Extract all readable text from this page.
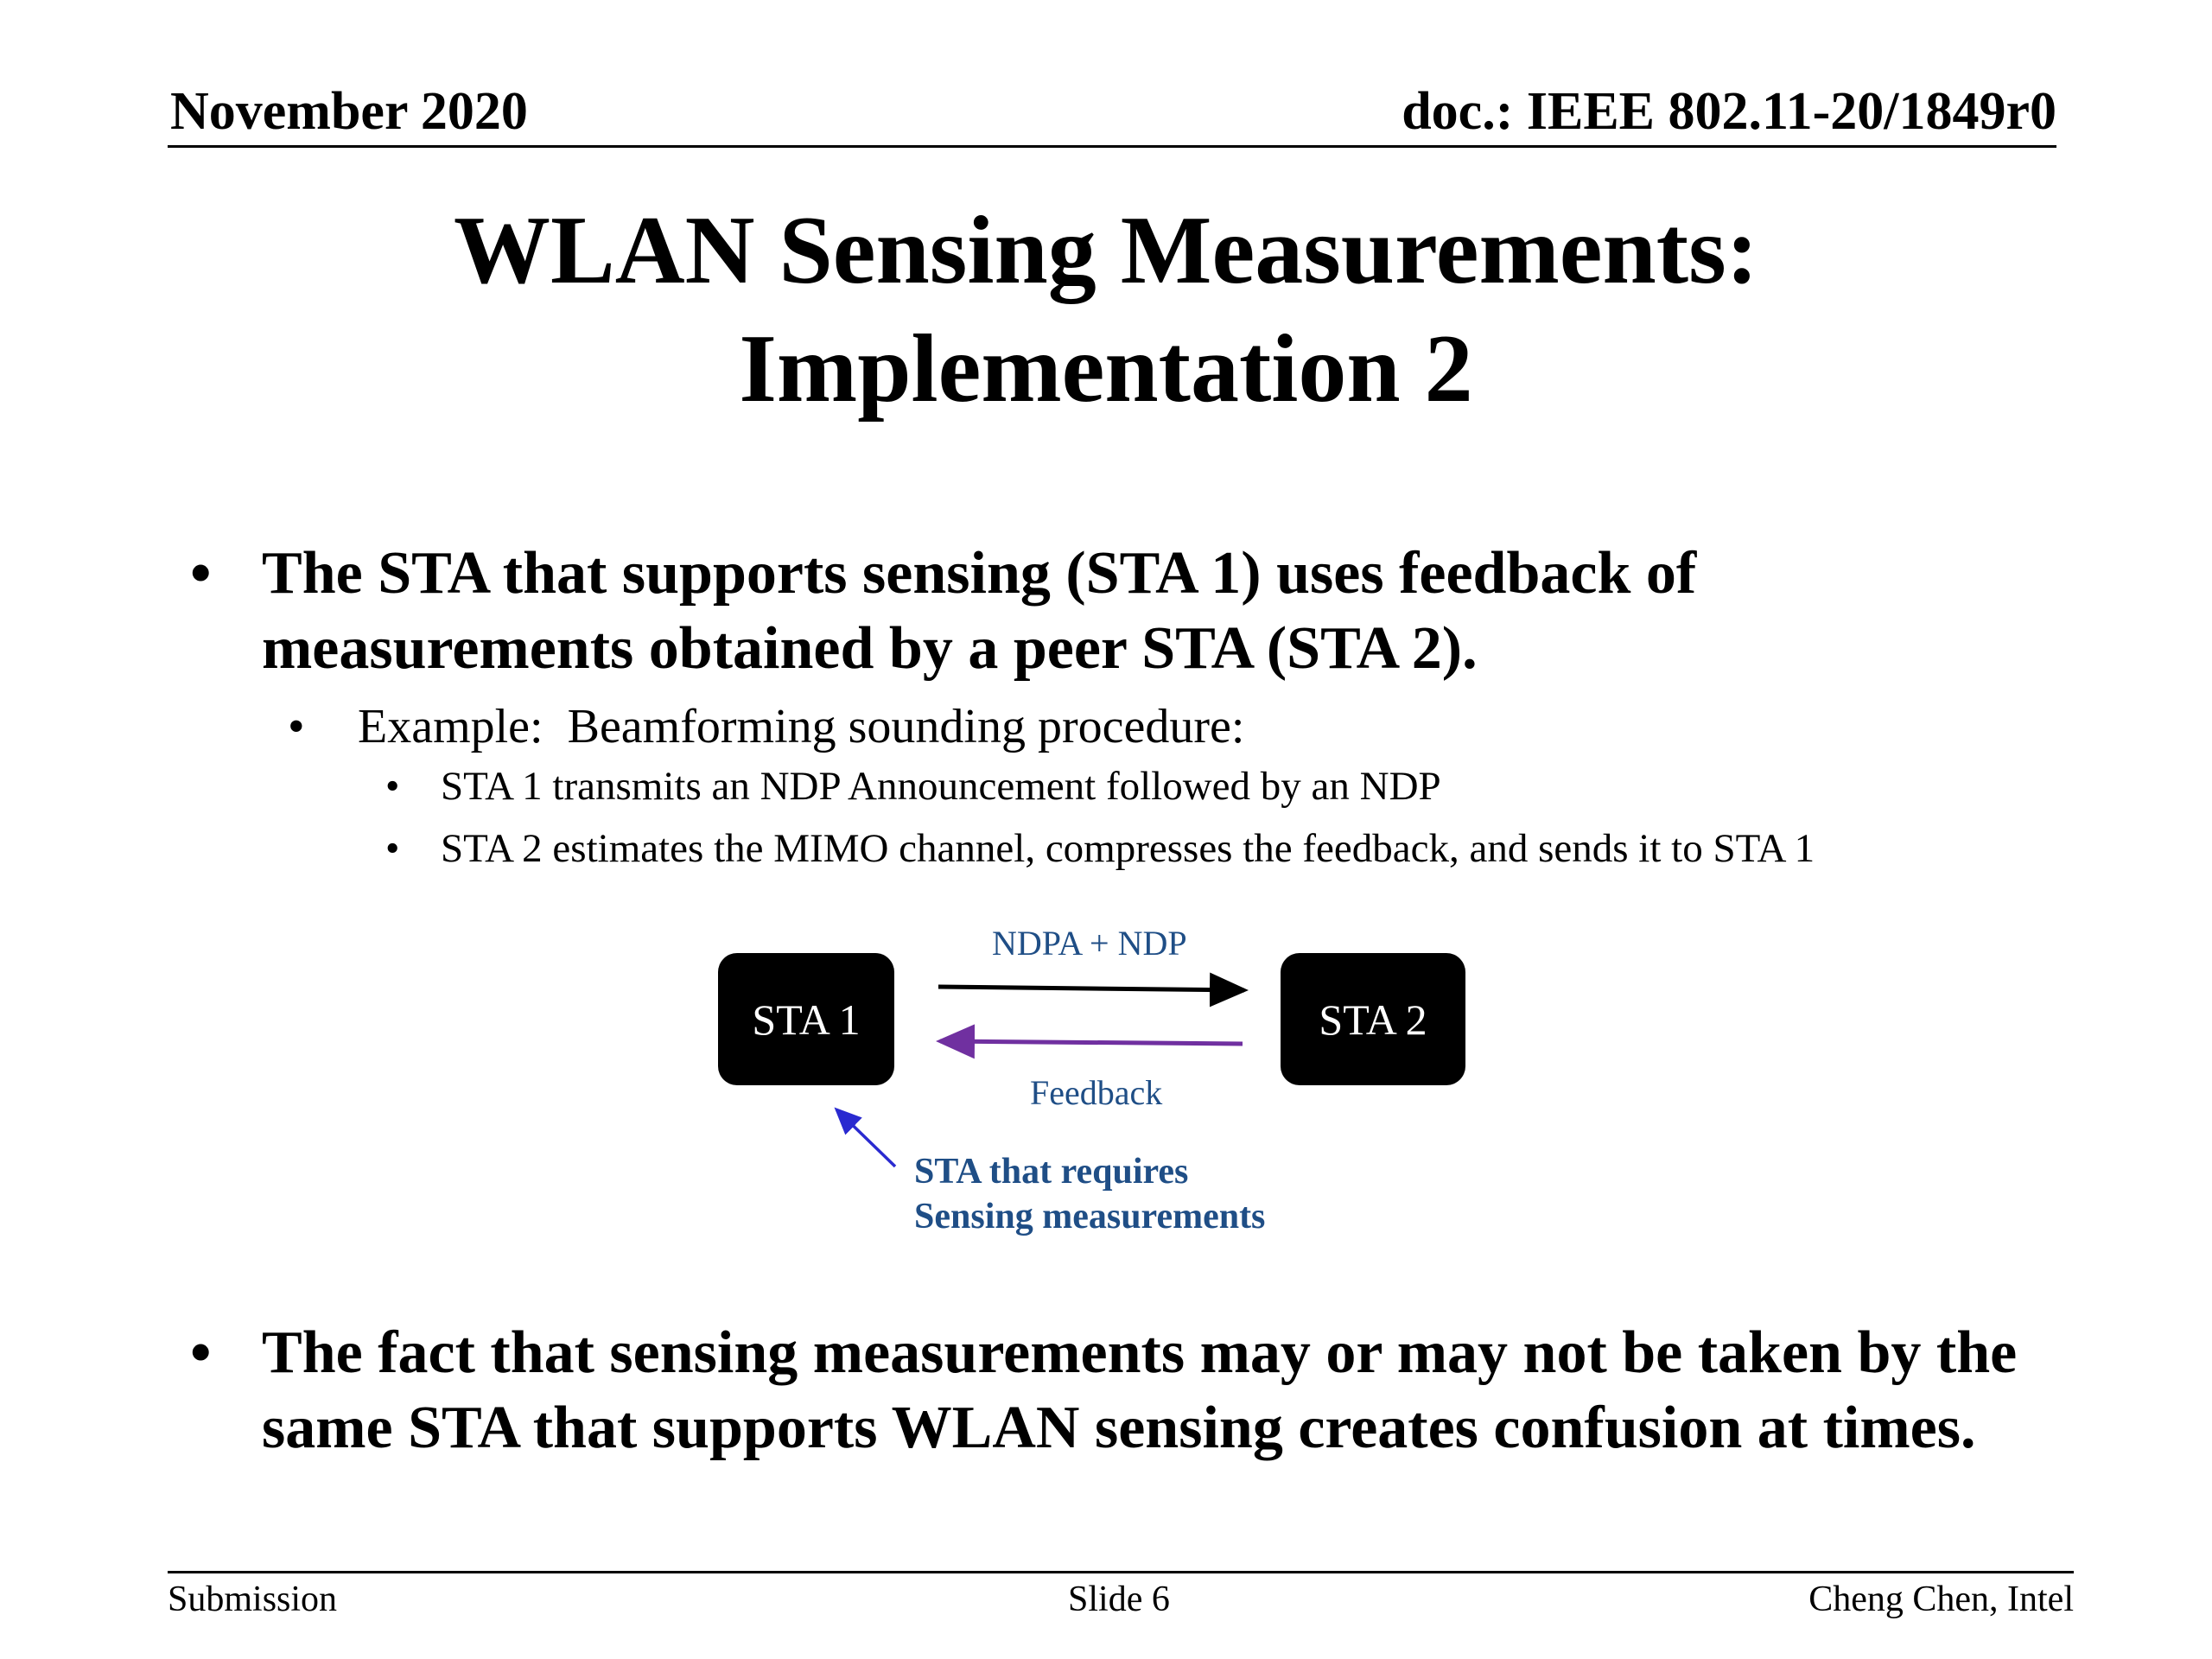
November 2020	doc.: IEEE 802.11-20/1849r0
WLAN Sensing Measurements:
Implementation 2
• The STA that supports sensing (STA 1) uses feedback of measurements obtained by a peer STA (STA 2).
• Example:  Beamforming sounding procedure:
• STA 1 transmits an NDP Announcement followed by an NDP
• STA 2 estimates the MIMO channel, compresses the feedback, and sends it to STA 1
STA 1	STA 2
NDPA + NDP
Feedback
STA that requires
Sensing measurements
• The fact that sensing measurements may or may not be taken by the same STA that supports WLAN sensing creates confusion at times.
Submission	Slide 6	Cheng Chen, Intel
